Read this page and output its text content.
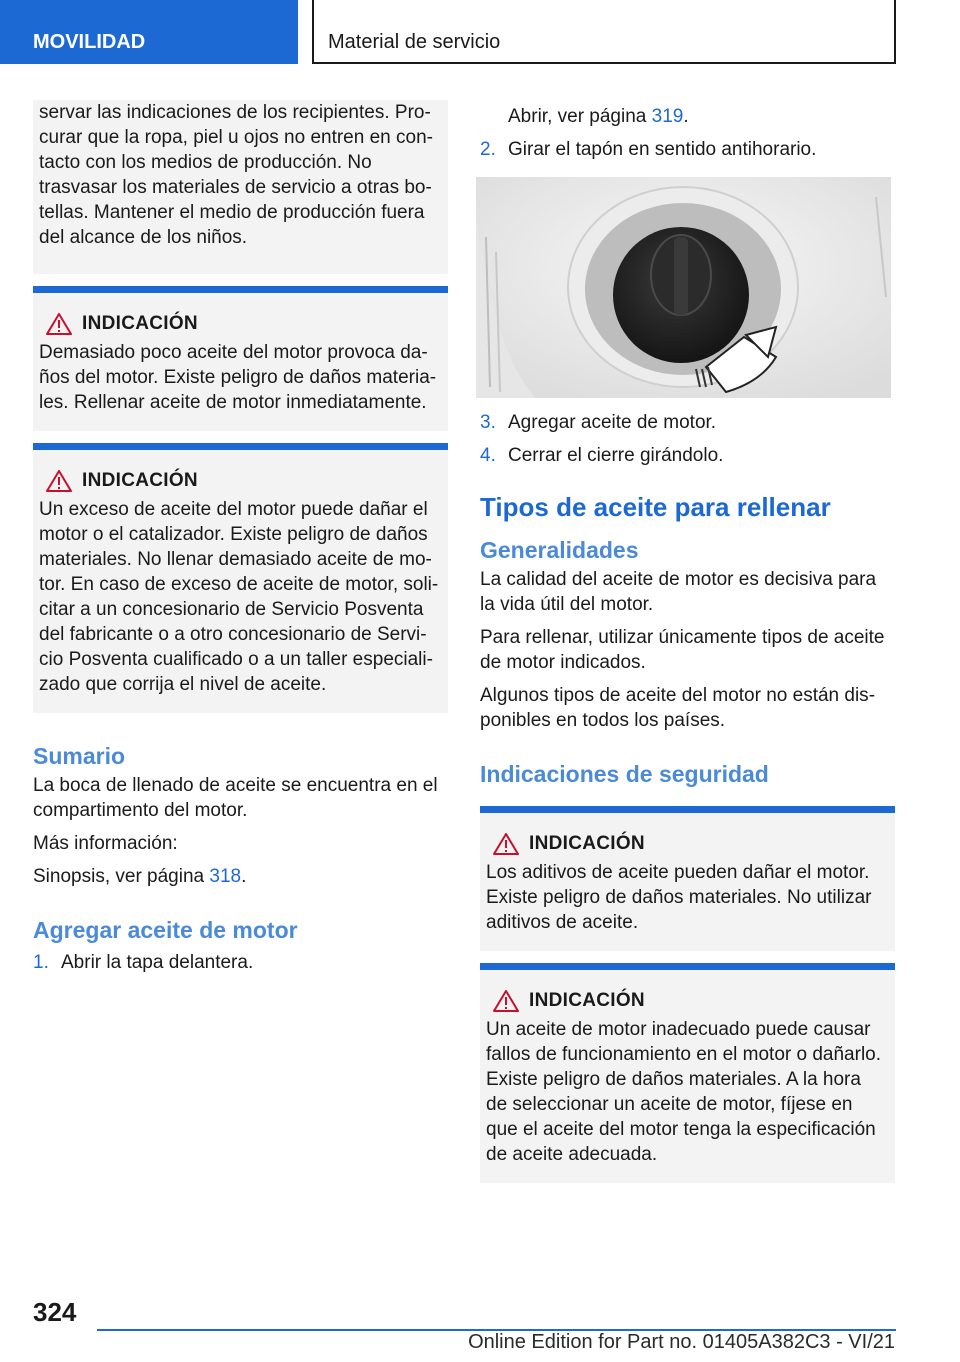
MOVILIDAD	Material de servicio

servar las indicaciones de los recipientes. Procurar que la ropa, piel u ojos no entren en contacto con los medios de producción. No trasvasar los materiales de servicio a otras botellas. Mantener el medio de producción fuera del alcance de los niños.

INDICACIÓN

Demasiado poco aceite del motor provoca daños del motor. Existe peligro de daños materiales. Rellenar aceite de motor inmediatamente.

INDICACIÓN

Un exceso de aceite del motor puede dañar el motor o el catalizador. Existe peligro de daños materiales. No llenar demasiado aceite de motor. En caso de exceso de aceite de motor, solicitar a un concesionario de Servicio Posventa del fabricante o a otro concesionario de Servicio Posventa cualificado o a un taller especializado que corrija el nivel de aceite.

Sumario

La boca de llenado de aceite se encuentra en el compartimento del motor.

Más información:

Sinopsis, ver página 318.

Agregar aceite de motor
1. Abrir la tapa delantera.
Abrir, ver página 319.
2. Girar el tapón en sentido antihorario.
3. Agregar aceite de motor.
4. Cerrar el cierre girándolo.
Tipos de aceite para rellenar
Generalidades

La calidad del aceite de motor es decisiva para la vida útil del motor.

Para rellenar, utilizar únicamente tipos de aceite de motor indicados.

Algunos tipos de aceite del motor no están disponibles en todos los países.

Indicaciones de seguridad
INDICACIÓN

Los aditivos de aceite pueden dañar el motor. Existe peligro de daños materiales. No utilizar aditivos de aceite.

INDICACIÓN

Un aceite de motor inadecuado puede causar fallos de funcionamiento en el motor o dañarlo. Existe peligro de daños materiales. A la hora de seleccionar un aceite de motor, fíjese en que el aceite del motor tenga la especificación de aceite adecuada.

324
Online Edition for Part no. 01405A382C3 - VI/21
